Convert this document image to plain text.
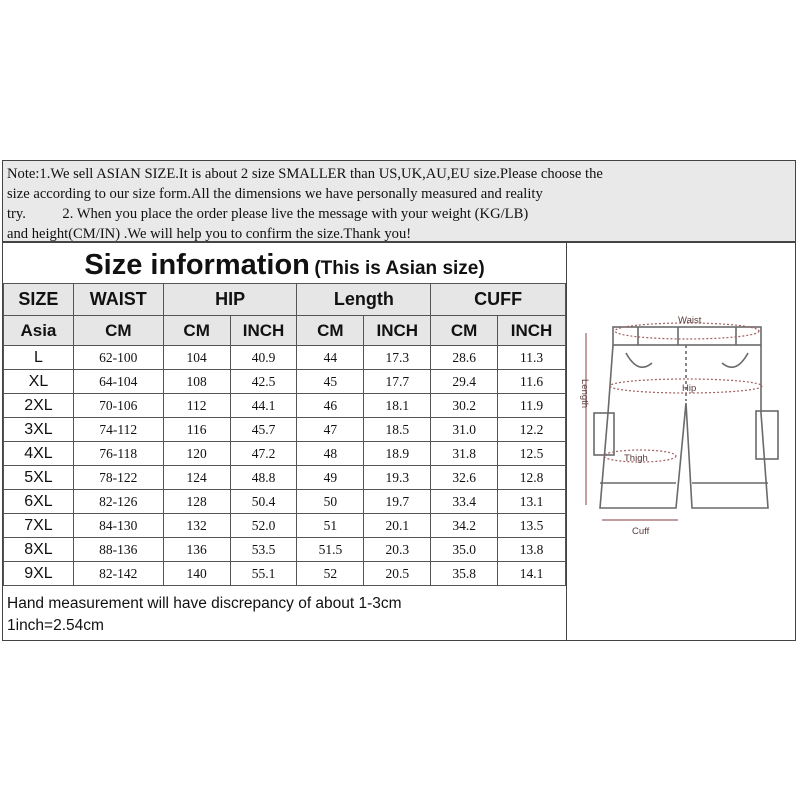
Note:1.We sell ASIAN SIZE.It is about 2 size SMALLER than US,UK,AU,EU size.Please choose the
size according to our size form.All the dimensions we have personally measured and reality
try.          2. When you place the order please live the message with your weight (KG/LB)
and height(CM/IN) .We will help you to confirm the size.Thank you!
Size information (This is Asian size)
SIZE	WAIST	HIP		Length		CUFF	
Asia	CM	CM	INCH	CM	INCH	CM	INCH
L	62-100	104	40.9	44	17.3	28.6	11.3
XL	64-104	108	42.5	45	17.7	29.4	11.6
2XL	70-106	112	44.1	46	18.1	30.2	11.9
3XL	74-112	116	45.7	47	18.5	31.0	12.2
4XL	76-118	120	47.2	48	18.9	31.8	12.5
5XL	78-122	124	48.8	49	19.3	32.6	12.8
6XL	82-126	128	50.4	50	19.7	33.4	13.1
7XL	84-130	132	52.0	51	20.1	34.2	13.5
8XL	88-136	136	53.5	51.5	20.3	35.0	13.8
9XL	82-142	140	55.1	52	20.5	35.8	14.1
Hand measurement will have discrepancy of about 1-3cm
1inch=2.54cm
Waist
Hip
Thigh
Cuff
Length
